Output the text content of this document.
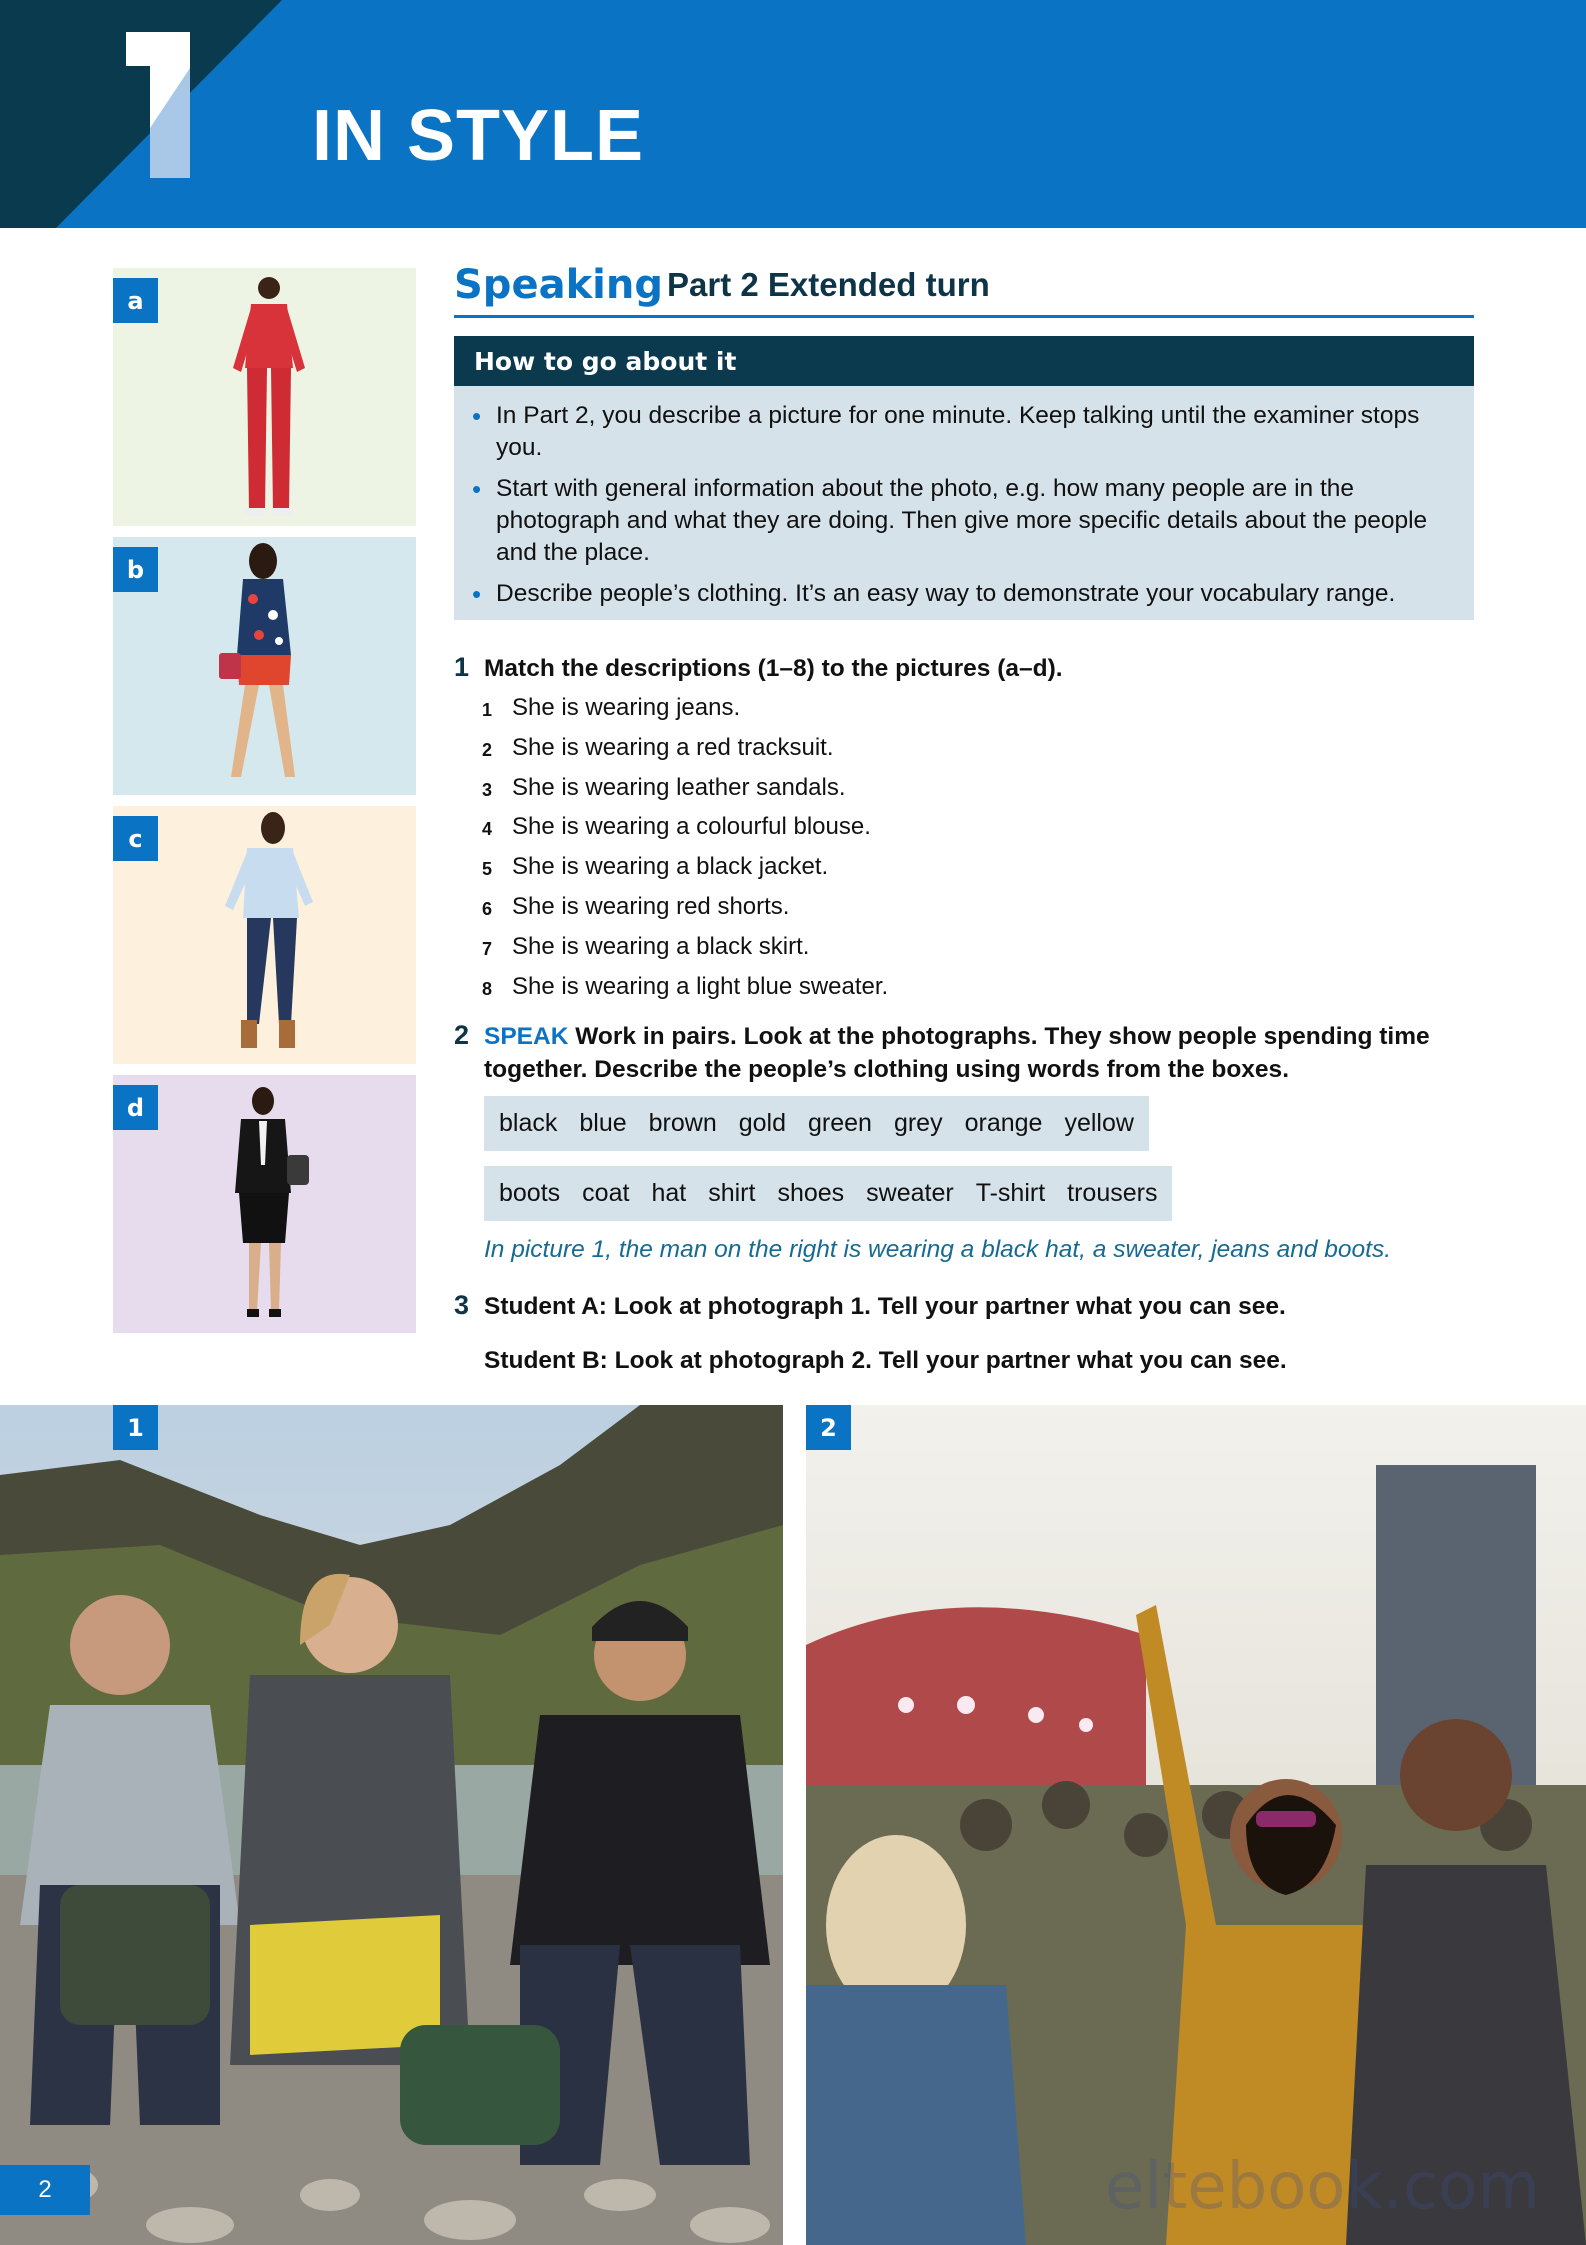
IN STYLE
a
b
c
d
Speaking Part 2 Extended turn
How to go about it
• In Part 2, you describe a picture for one minute. Keep talking until the examiner stops you.
• Start with general information about the photo, e.g. how many people are in the photograph and what they are doing. Then give more specific details about the people and the place.
• Describe people’s clothing. It’s an easy way to demonstrate your vocabulary range.
1 Match the descriptions (1–8) to the pictures (a–d).
1 She is wearing jeans.
2 She is wearing a red tracksuit.
3 She is wearing leather sandals.
4 She is wearing a colourful blouse.
5 She is wearing a black jacket.
6 She is wearing red shorts.
7 She is wearing a black skirt.
8 She is wearing a light blue sweater.
2 SPEAK Work in pairs. Look at the photographs. They show people spending time
together. Describe the people’s clothing using words from the boxes.
black blue brown gold green grey orange yellow
boots coat hat shirt shoes sweater T-shirt trousers
In picture 1, the man on the right is wearing a black hat, a sweater, jeans and boots.
3 Student A: Look at photograph 1. Tell your partner what you can see.
Student B: Look at photograph 2. Tell your partner what you can see.
1	2
2	eltebook.com
